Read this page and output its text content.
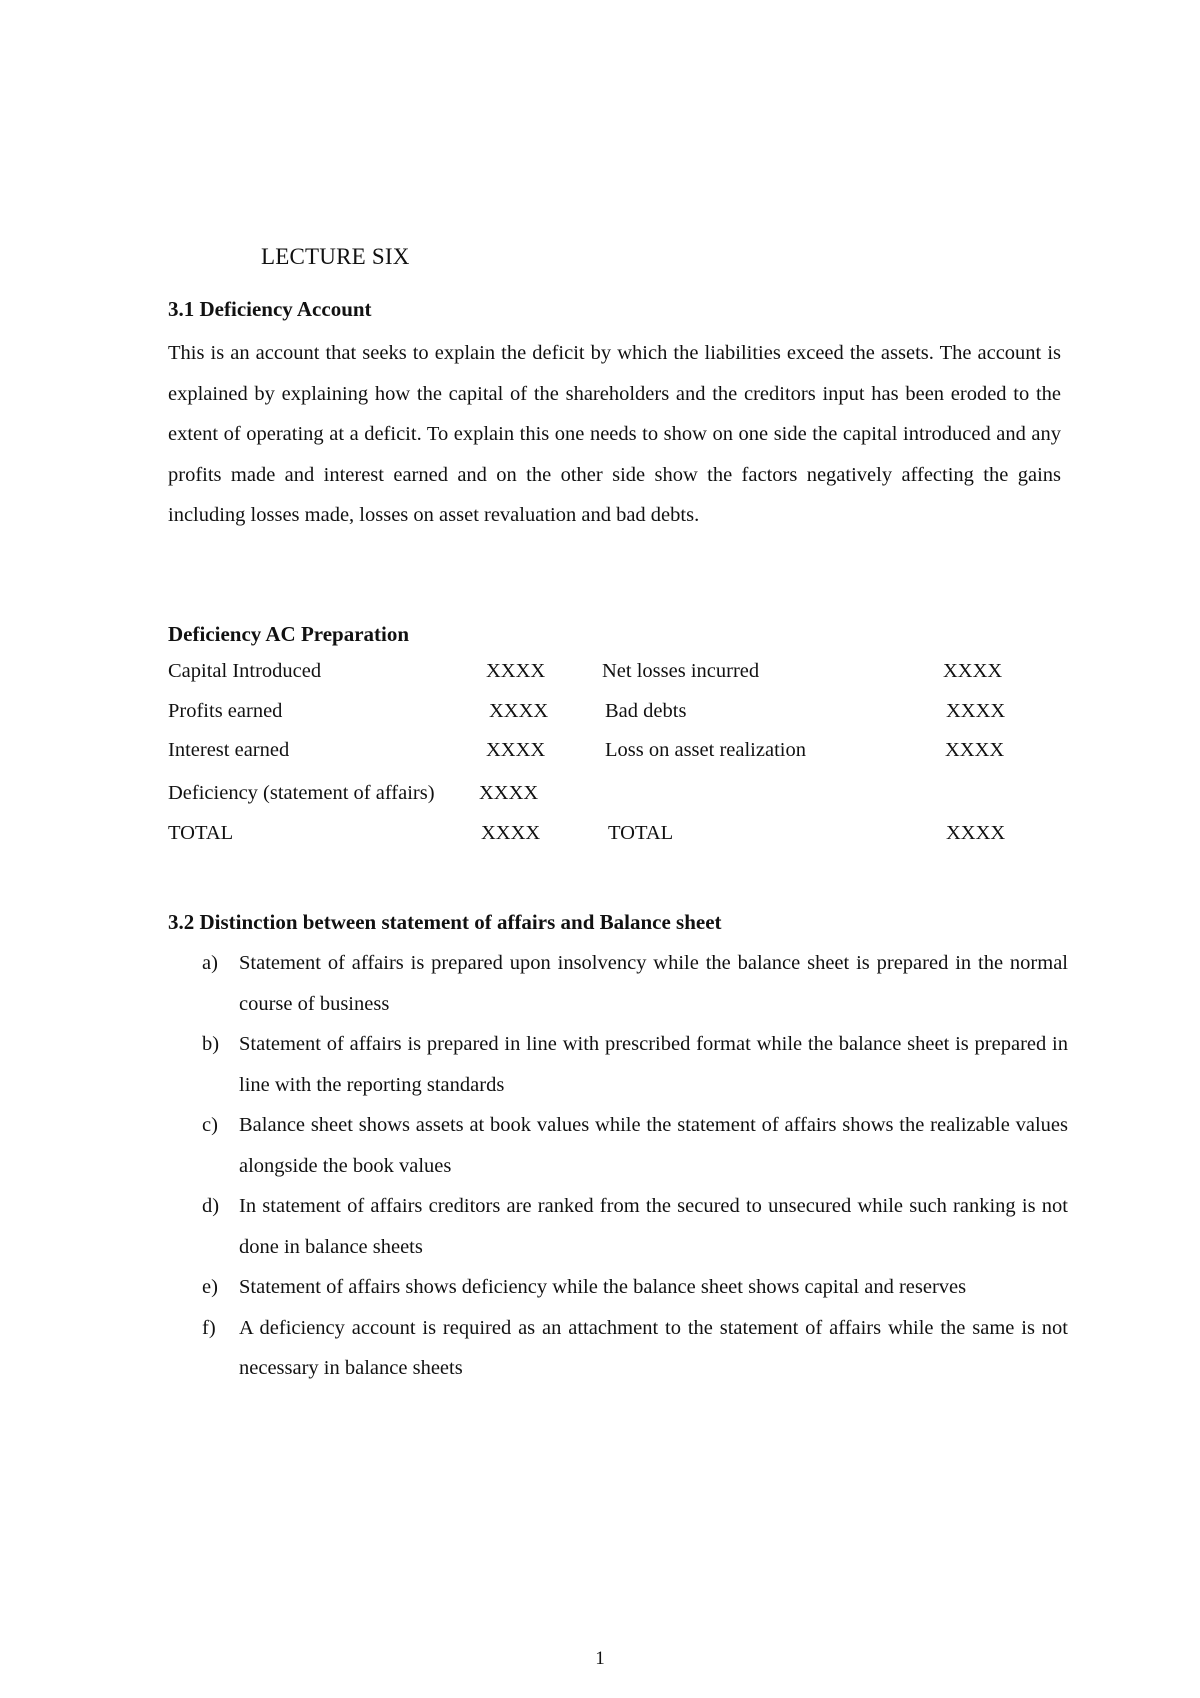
LECTURE SIX
3.1 Deficiency Account

This is an account that seeks to explain the deficit by which the liabilities exceed the assets. The account is explained by explaining how the capital of the shareholders and the creditors input has been eroded to the extent of operating at a deficit. To explain this one needs to show on one side the capital introduced and any profits made and interest earned and on the other side show the factors negatively affecting the gains including losses made, losses on asset revaluation and bad debts.

Deficiency AC Preparation
Capital Introduced	XXXX	Net losses incurred	XXXX
Profits earned	XXXX	Bad debts	XXXX
Interest earned	XXXX	Loss on asset realization	XXXX
Deficiency (statement of affairs) XXXX
TOTAL	XXXX	TOTAL	XXXX
3.2 Distinction between statement of affairs and Balance sheet
a) Statement of affairs is prepared upon insolvency while the balance sheet is prepared in the normal course of business
b) Statement of affairs is prepared in line with prescribed format while the balance sheet is prepared in line with the reporting standards
c) Balance sheet shows assets at book values while the statement of affairs shows the realizable values alongside the book values
d) In statement of affairs creditors are ranked from the secured to unsecured while such ranking is not done in balance sheets
e) Statement of affairs shows deficiency while the balance sheet shows capital and reserves
f) A deficiency account is required as an attachment to the statement of affairs while the same is not necessary in balance sheets
1
